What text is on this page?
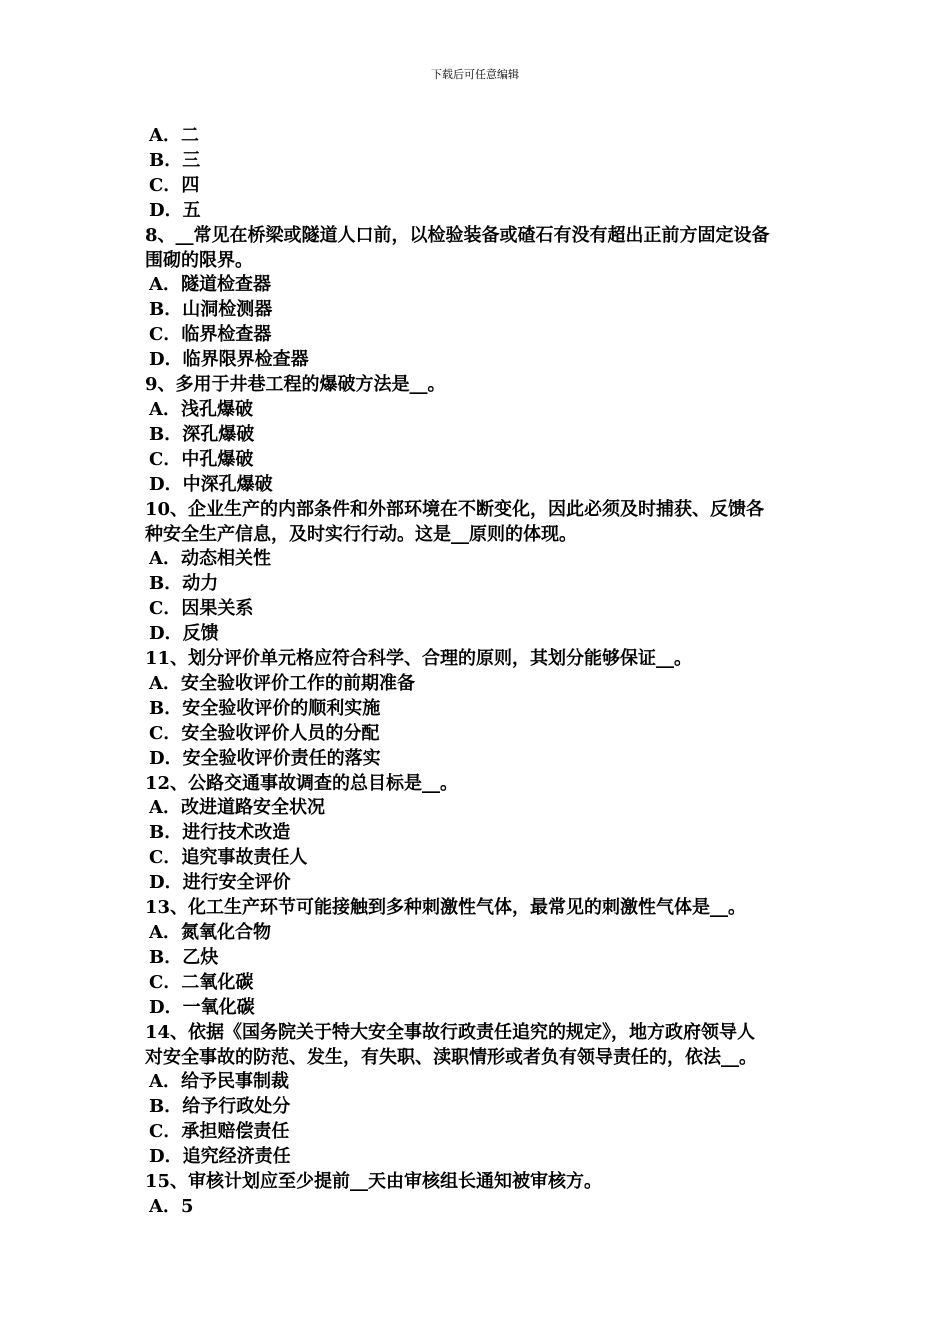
下载后可任意编辑
A．二
B．三
C．四
D．五
8、__常见在桥梁或隧道人口前，以检验装备或碴石有没有超出正前方固定设备
围砌的限界。
A．隧道检查器
B．山洞检测器
C．临界检查器
D．临界限界检查器
9、多用于井巷工程的爆破方法是__。
A．浅孔爆破
B．深孔爆破
C．中孔爆破
D．中深孔爆破
10、企业生产的内部条件和外部环境在不断变化，因此必须及时捕获、反馈各
种安全生产信息，及时实行行动。这是__原则的体现。
A．动态相关性
B．动力
C．因果关系
D．反馈
11、划分评价单元格应符合科学、合理的原则，其划分能够保证__。
A．安全验收评价工作的前期准备
B．安全验收评价的顺利实施
C．安全验收评价人员的分配
D．安全验收评价责任的落实
12、公路交通事故调查的总目标是__。
A．改进道路安全状况
B．进行技术改造
C．追究事故责任人
D．进行安全评价
13、化工生产环节可能接触到多种刺激性气体，最常见的刺激性气体是__。
A．氮氧化合物
B．乙炔
C．二氧化碳
D．一氧化碳
14、依据《国务院关于特大安全事故行政责任追究的规定》，地方政府领导人
对安全事故的防范、发生，有失职、渎职情形或者负有领导责任的，依法__。
A．给予民事制裁
B．给予行政处分
C．承担赔偿责任
D．追究经济责任
15、审核计划应至少提前__天由审核组长通知被审核方。
A．5
